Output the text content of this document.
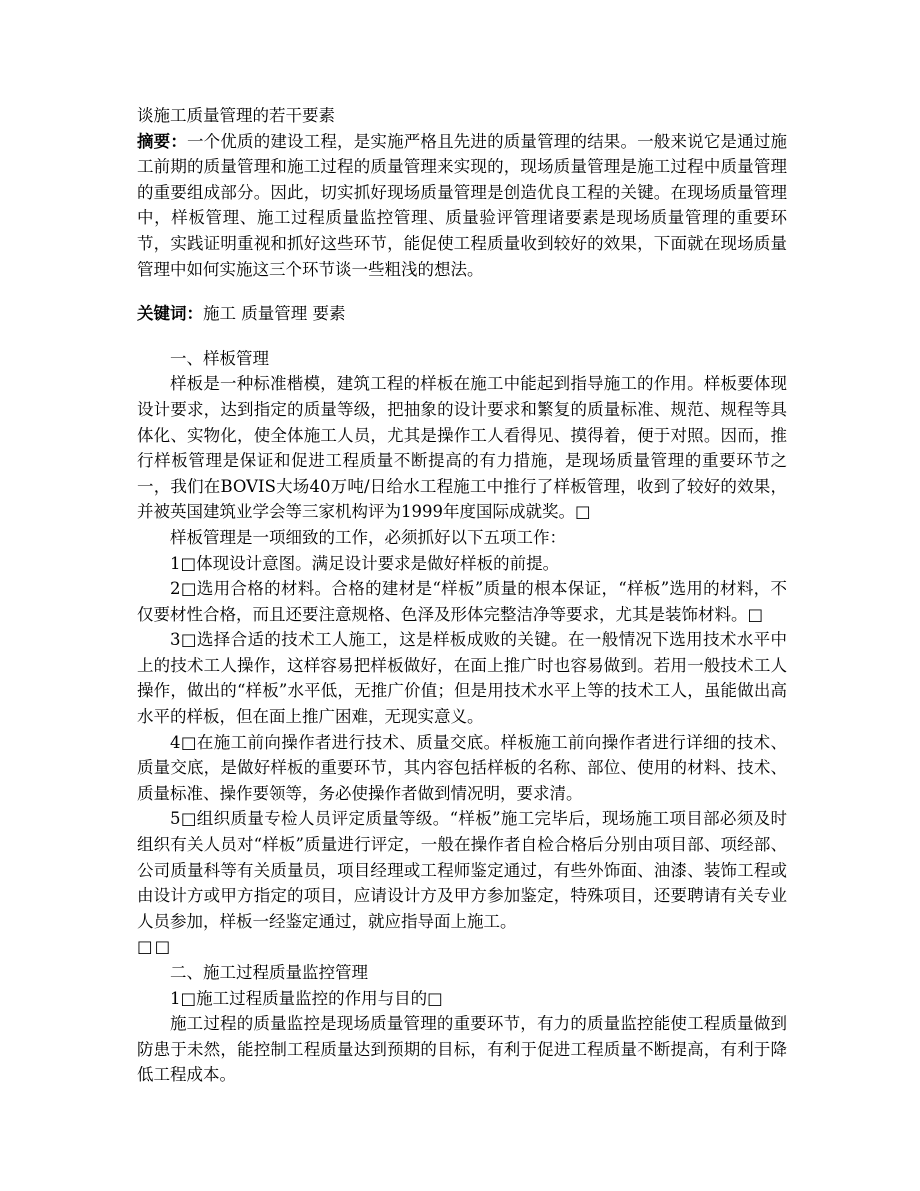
谈施工质量管理的若干要素

摘要：一个优质的建设工程，是实施严格且先进的质量管理的结果。一般来说它是通过施工前期的质量管理和施工过程的质量管理来实现的，现场质量管理是施工过程中质量管理的重要组成部分。因此，切实抓好现场质量管理是创造优良工程的关键。在现场质量管理中，样板管理、施工过程质量监控管理、质量验评管理诸要素是现场质量管理的重要环节，实践证明重视和抓好这些环节，能促使工程质量收到较好的效果，下面就在现场质量管理中如何实施这三个环节谈一些粗浅的想法。

关键词：施工 质量管理 要素

一、样板管理

样板是一种标准楷模，建筑工程的样板在施工中能起到指导施工的作用。样板要体现设计要求，达到指定的质量等级，把抽象的设计要求和繁复的质量标准、规范、规程等具体化、实物化，使全体施工人员，尤其是操作工人看得见、摸得着，便于对照。因而，推行样板管理是保证和促进工程质量不断提高的有力措施，是现场质量管理的重要环节之一，我们在BOVIS大场40万吨/日给水工程施工中推行了样板管理，收到了较好的效果，并被英国建筑业学会等三家机构评为1999年度国际成就奖。□

样板管理是一项细致的工作，必须抓好以下五项工作：

1□体现设计意图。满足设计要求是做好样板的前提。

2□选用合格的材料。合格的建材是“样板”质量的根本保证，“样板”选用的材料，不仅要材性合格，而且还要注意规格、色泽及形体完整洁净等要求，尤其是装饰材料。□

3□选择合适的技术工人施工，这是样板成败的关键。在一般情况下选用技术水平中上的技术工人操作，这样容易把样板做好，在面上推广时也容易做到。若用一般技术工人操作，做出的“样板”水平低，无推广价值；但是用技术水平上等的技术工人，虽能做出高水平的样板，但在面上推广困难，无现实意义。

4□在施工前向操作者进行技术、质量交底。样板施工前向操作者进行详细的技术、质量交底，是做好样板的重要环节，其内容包括样板的名称、部位、使用的材料、技术、质量标准、操作要领等，务必使操作者做到情况明，要求清。

5□组织质量专检人员评定质量等级。“样板”施工完毕后，现场施工项目部必须及时组织有关人员对“样板”质量进行评定，一般在操作者自检合格后分别由项目部、项经部、公司质量科等有关质量员，项目经理或工程师鉴定通过，有些外饰面、油漆、装饰工程或由设计方或甲方指定的项目，应请设计方及甲方参加鉴定，特殊项目，还要聘请有关专业人员参加，样板一经鉴定通过，就应指导面上施工。

□□

二、施工过程质量监控管理

1□施工过程质量监控的作用与目的□

施工过程的质量监控是现场质量管理的重要环节，有力的质量监控能使工程质量做到防患于未然，能控制工程质量达到预期的目标，有利于促进工程质量不断提高，有利于降低工程成本。
